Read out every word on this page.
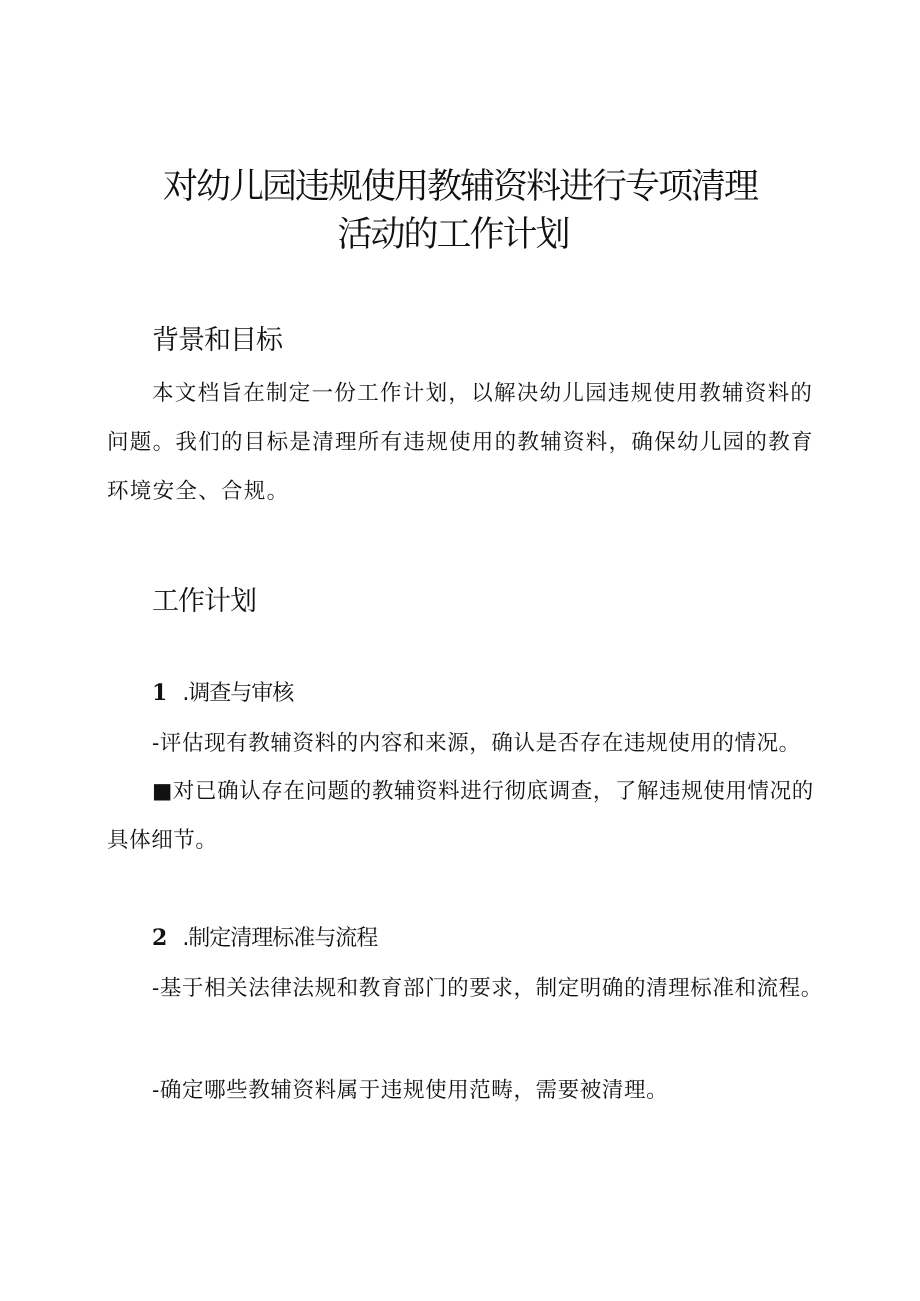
对幼儿园违规使用教辅资料进行专项清理
活动的工作计划
背景和目标

本文档旨在制定一份工作计划，以解决幼儿园违规使用教辅资料的问题。我们的目标是清理所有违规使用的教辅资料，确保幼儿园的教育环境安全、合规。

工作计划
1 .调查与审核

-评估现有教辅资料的内容和来源，确认是否存在违规使用的情况。

■对已确认存在问题的教辅资料进行彻底调查，了解违规使用情况的具体细节。

2 .制定清理标准与流程

-基于相关法律法规和教育部门的要求，制定明确的清理标准和流程。

-确定哪些教辅资料属于违规使用范畴，需要被清理。
